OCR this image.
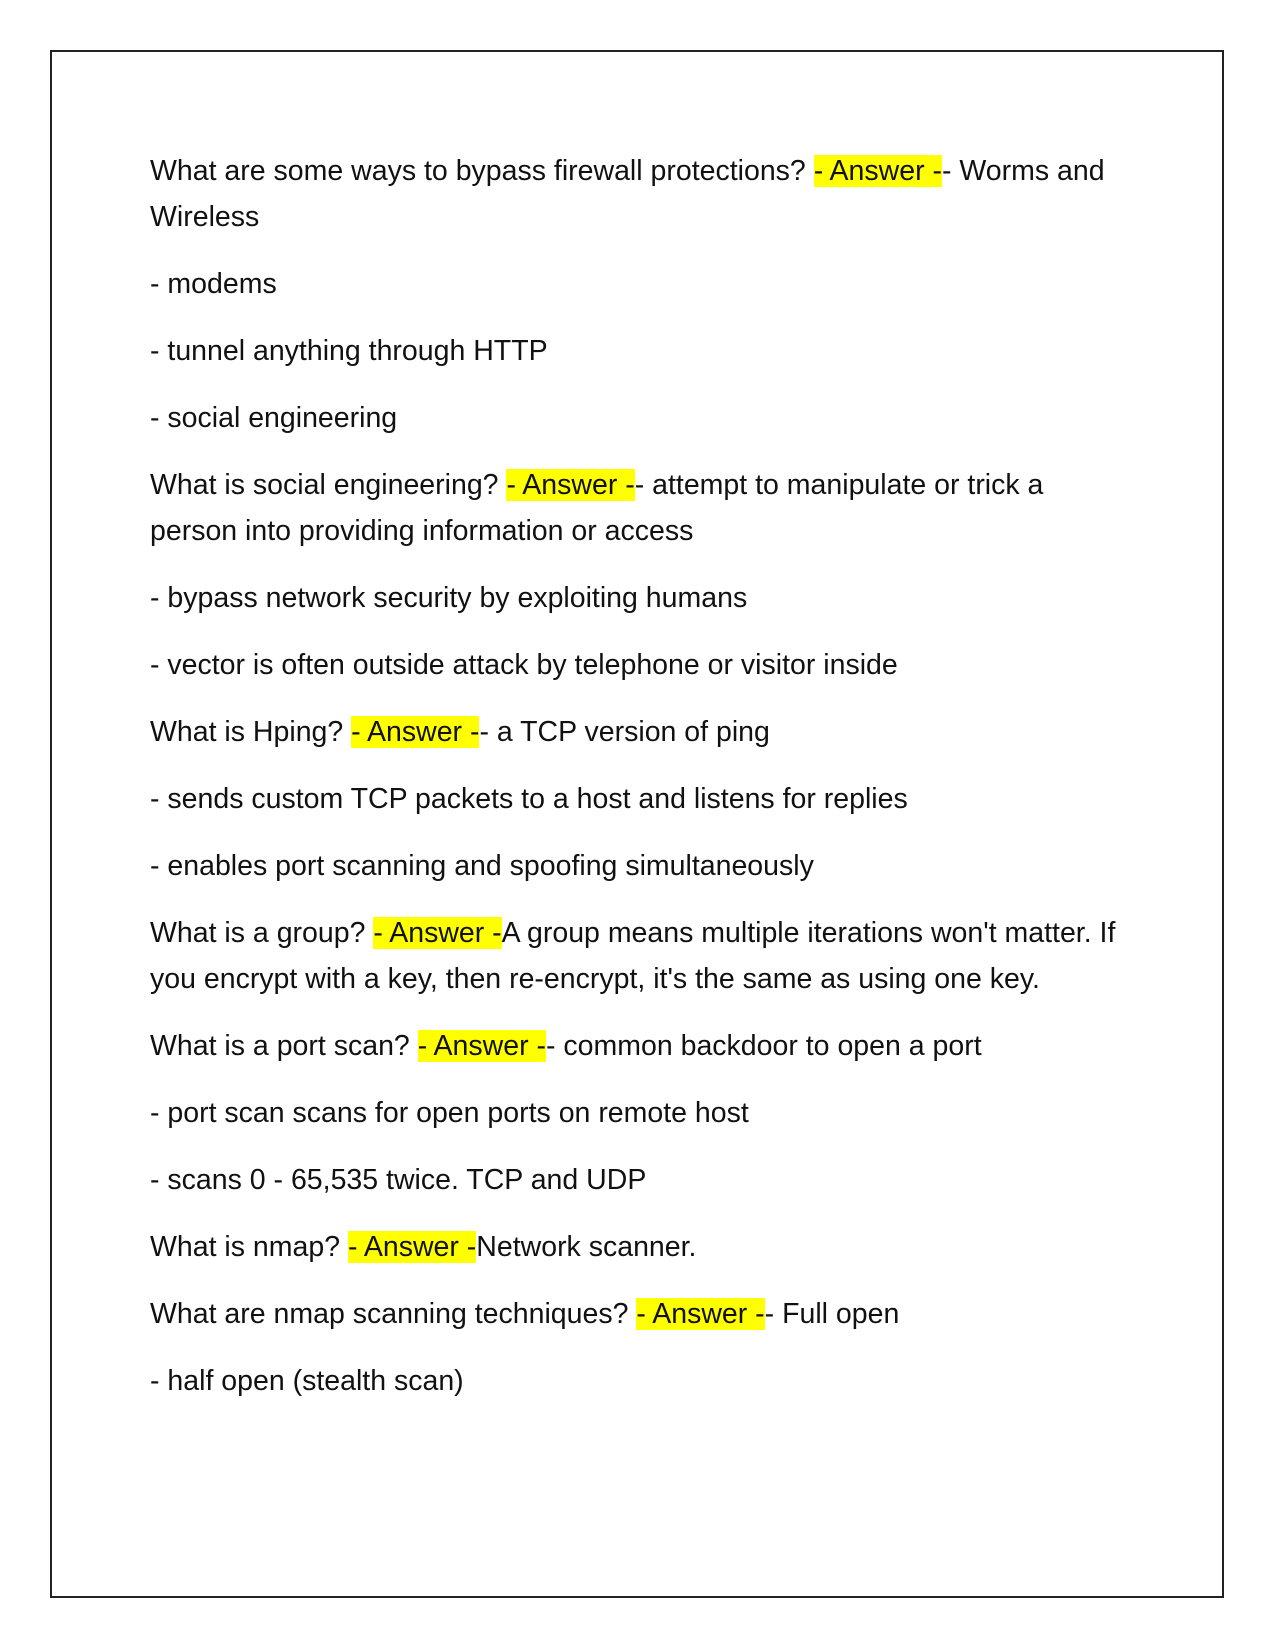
What are some ways to bypass firewall protections? - Answer -- Worms and Wireless

- modems

- tunnel anything through HTTP

- social engineering

What is social engineering? - Answer -- attempt to manipulate or trick a person into providing information or access

- bypass network security by exploiting humans

- vector is often outside attack by telephone or visitor inside

What is Hping? - Answer -- a TCP version of ping

- sends custom TCP packets to a host and listens for replies

- enables port scanning and spoofing simultaneously

What is a group? - Answer -A group means multiple iterations won't matter. If you encrypt with a key, then re-encrypt, it's the same as using one key.

What is a port scan? - Answer -- common backdoor to open a port

- port scan scans for open ports on remote host

- scans 0 - 65,535 twice. TCP and UDP

What is nmap? - Answer -Network scanner.

What are nmap scanning techniques? - Answer -- Full open

- half open (stealth scan)
